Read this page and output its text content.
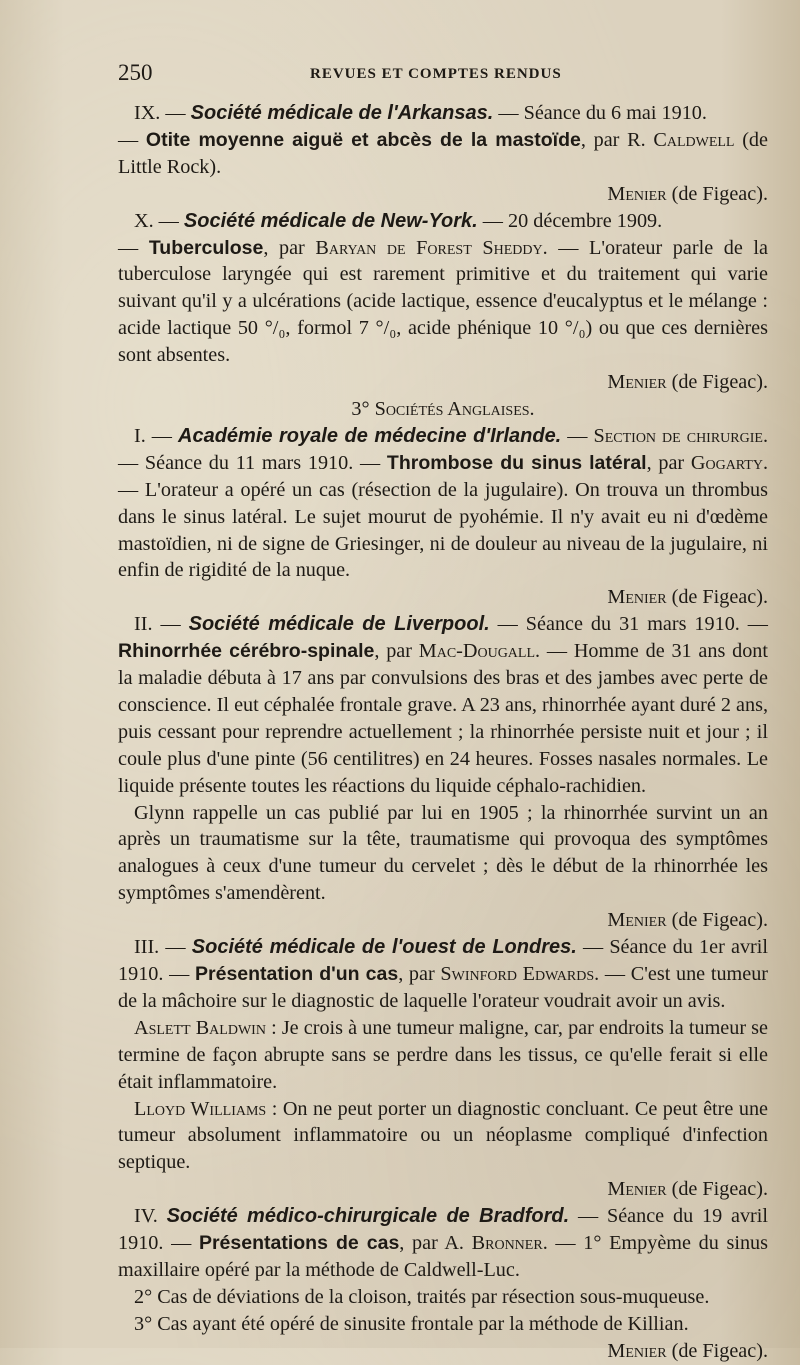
250	REVUES ET COMPTES RENDUS

IX. — Société médicale de l'Arkansas. — Séance du 6 mai 1910.
— Otite moyenne aiguë et abcès de la mastoïde, par R. Caldwell (de Little Rock).

Menier (de Figeac).

X. — Société médicale de New-York. — 20 décembre 1909.
— Tuberculose, par Baryan de Forest Sheddy. — L'orateur parle de la tuberculose laryngée qui est rarement primitive et du traitement qui varie suivant qu'il y a ulcérations (acide lactique, essence d'eucalyptus et le mélange : acide lactique 50 °/₀, formol 7 °/₀, acide phénique 10 °/₀) ou que ces dernières sont absentes.

Menier (de Figeac).

3° Sociétés Anglaises.

I. — Académie royale de médecine d'Irlande. — Section de chirurgie. — Séance du 11 mars 1910. — Thrombose du sinus latéral, par Gogarty. — L'orateur a opéré un cas (résection de la jugulaire). On trouva un thrombus dans le sinus latéral. Le sujet mourut de pyohémie. Il n'y avait eu ni d'œdème mastoïdien, ni de signe de Griesinger, ni de douleur au niveau de la jugulaire, ni enfin de rigidité de la nuque.

Menier (de Figeac).

II. — Société médicale de Liverpool. — Séance du 31 mars 1910. — Rhinorrhée cérébro-spinale, par Mac-Dougall. — Homme de 31 ans dont la maladie débuta à 17 ans par convulsions des bras et des jambes avec perte de conscience. Il eut céphalée frontale grave. A 23 ans, rhinorrhée ayant duré 2 ans, puis cessant pour reprendre actuellement ; la rhinorrhée persiste nuit et jour ; il coule plus d'une pinte (56 centilitres) en 24 heures. Fosses nasales normales. Le liquide présente toutes les réactions du liquide céphalo-rachidien.

Glynn rappelle un cas publié par lui en 1905 ; la rhinorrhée survint un an après un traumatisme sur la tête, traumatisme qui provoqua des symptômes analogues à ceux d'une tumeur du cervelet ; dès le début de la rhinorrhée les symptômes s'amendèrent.

Menier (de Figeac).

III. — Société médicale de l'ouest de Londres. — Séance du 1er avril 1910. — Présentation d'un cas, par Swinford Edwards. — C'est une tumeur de la mâchoire sur le diagnostic de laquelle l'orateur voudrait avoir un avis.

Aslett Baldwin : Je crois à une tumeur maligne, car, par endroits la tumeur se termine de façon abrupte sans se perdre dans les tissus, ce qu'elle ferait si elle était inflammatoire.

Lloyd Williams : On ne peut porter un diagnostic concluant. Ce peut être une tumeur absolument inflammatoire ou un néoplasme compliqué d'infection septique.

Menier (de Figeac).

IV. Société médico-chirurgicale de Bradford. — Séance du 19 avril 1910. — Présentations de cas, par A. Bronner. — 1° Empyème du sinus maxillaire opéré par la méthode de Caldwell-Luc.

2° Cas de déviations de la cloison, traités par résection sous-muqueuse.

3° Cas ayant été opéré de sinusite frontale par la méthode de Killian.

Menier (de Figeac).
